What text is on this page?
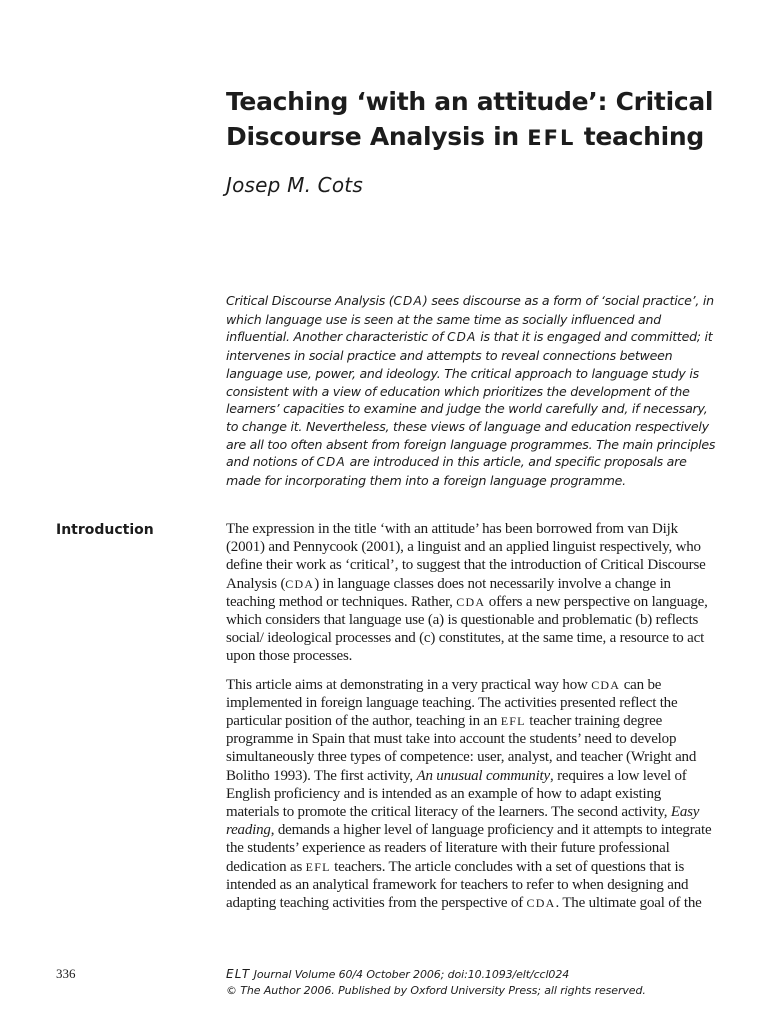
Teaching ‘with an attitude’: Critical Discourse Analysis in EFL teaching

Josep M. Cots

Critical Discourse Analysis (CDA) sees discourse as a form of ‘social practice’, in which language use is seen at the same time as socially influenced and influential. Another characteristic of CDA is that it is engaged and committed; it intervenes in social practice and attempts to reveal connections between language use, power, and ideology. The critical approach to language study is consistent with a view of education which prioritizes the development of the learners’ capacities to examine and judge the world carefully and, if necessary, to change it. Nevertheless, these views of language and education respectively are all too often absent from foreign language programmes. The main principles and notions of CDA are introduced in this article, and specific proposals are made for incorporating them into a foreign language programme.

Introduction	The expression in the title ‘with an attitude’ has been borrowed from van Dijk (2001) and Pennycook (2001), a linguist and an applied linguist respectively, who define their work as ‘critical’, to suggest that the introduction of Critical Discourse Analysis (CDA) in language classes does not necessarily involve a change in teaching method or techniques. Rather, CDA offers a new perspective on language, which considers that language use (a) is questionable and problematic (b) reflects social/ ideological processes and (c) constitutes, at the same time, a resource to act upon those processes.

This article aims at demonstrating in a very practical way how CDA can be implemented in foreign language teaching. The activities presented reflect the particular position of the author, teaching in an EFL teacher training degree programme in Spain that must take into account the students’ need to develop simultaneously three types of competence: user, analyst, and teacher (Wright and Bolitho 1993). The first activity, An unusual community, requires a low level of English proficiency and is intended as an example of how to adapt existing materials to promote the critical literacy of the learners. The second activity, Easy reading, demands a higher level of language proficiency and it attempts to integrate the students’ experience as readers of literature with their future professional dedication as EFL teachers. The article concludes with a set of questions that is intended as an analytical framework for teachers to refer to when designing and adapting teaching activities from the perspective of CDA. The ultimate goal of the

336	ELT Journal Volume 60/4 October 2006; doi:10.1093/elt/ccl024
© The Author 2006. Published by Oxford University Press; all rights reserved.
